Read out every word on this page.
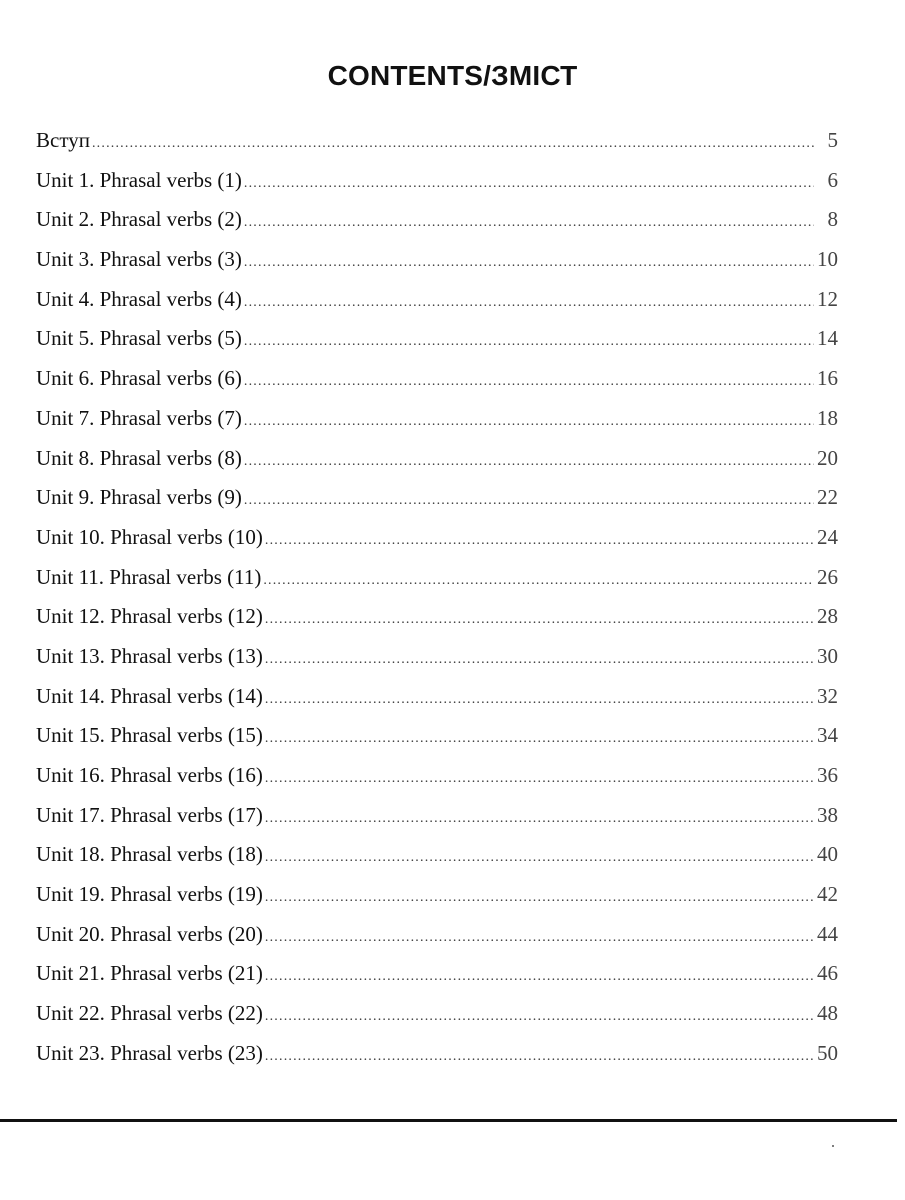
CONTENTS/ЗМІСТ
Вступ .....	5
Unit 1. Phrasal verbs (1) .....	6
Unit 2. Phrasal verbs (2) .....	8
Unit 3. Phrasal verbs (3) .....	10
Unit 4. Phrasal verbs (4) .....	12
Unit 5. Phrasal verbs (5) .....	14
Unit 6. Phrasal verbs (6) .....	16
Unit 7. Phrasal verbs (7) .....	18
Unit 8. Phrasal verbs (8) .....	20
Unit 9. Phrasal verbs (9) .....	22
Unit 10. Phrasal verbs (10) .....	24
Unit 11. Phrasal verbs (11) .....	26
Unit 12. Phrasal verbs (12) .....	28
Unit 13. Phrasal verbs (13) .....	30
Unit 14. Phrasal verbs (14) .....	32
Unit 15. Phrasal verbs (15) .....	34
Unit 16. Phrasal verbs (16) .....	36
Unit 17. Phrasal verbs (17) .....	38
Unit 18. Phrasal verbs (18) .....	40
Unit 19. Phrasal verbs (19) .....	42
Unit 20. Phrasal verbs (20) .....	44
Unit 21. Phrasal verbs (21) .....	46
Unit 22. Phrasal verbs (22) .....	48
Unit 23. Phrasal verbs (23) .....	50
